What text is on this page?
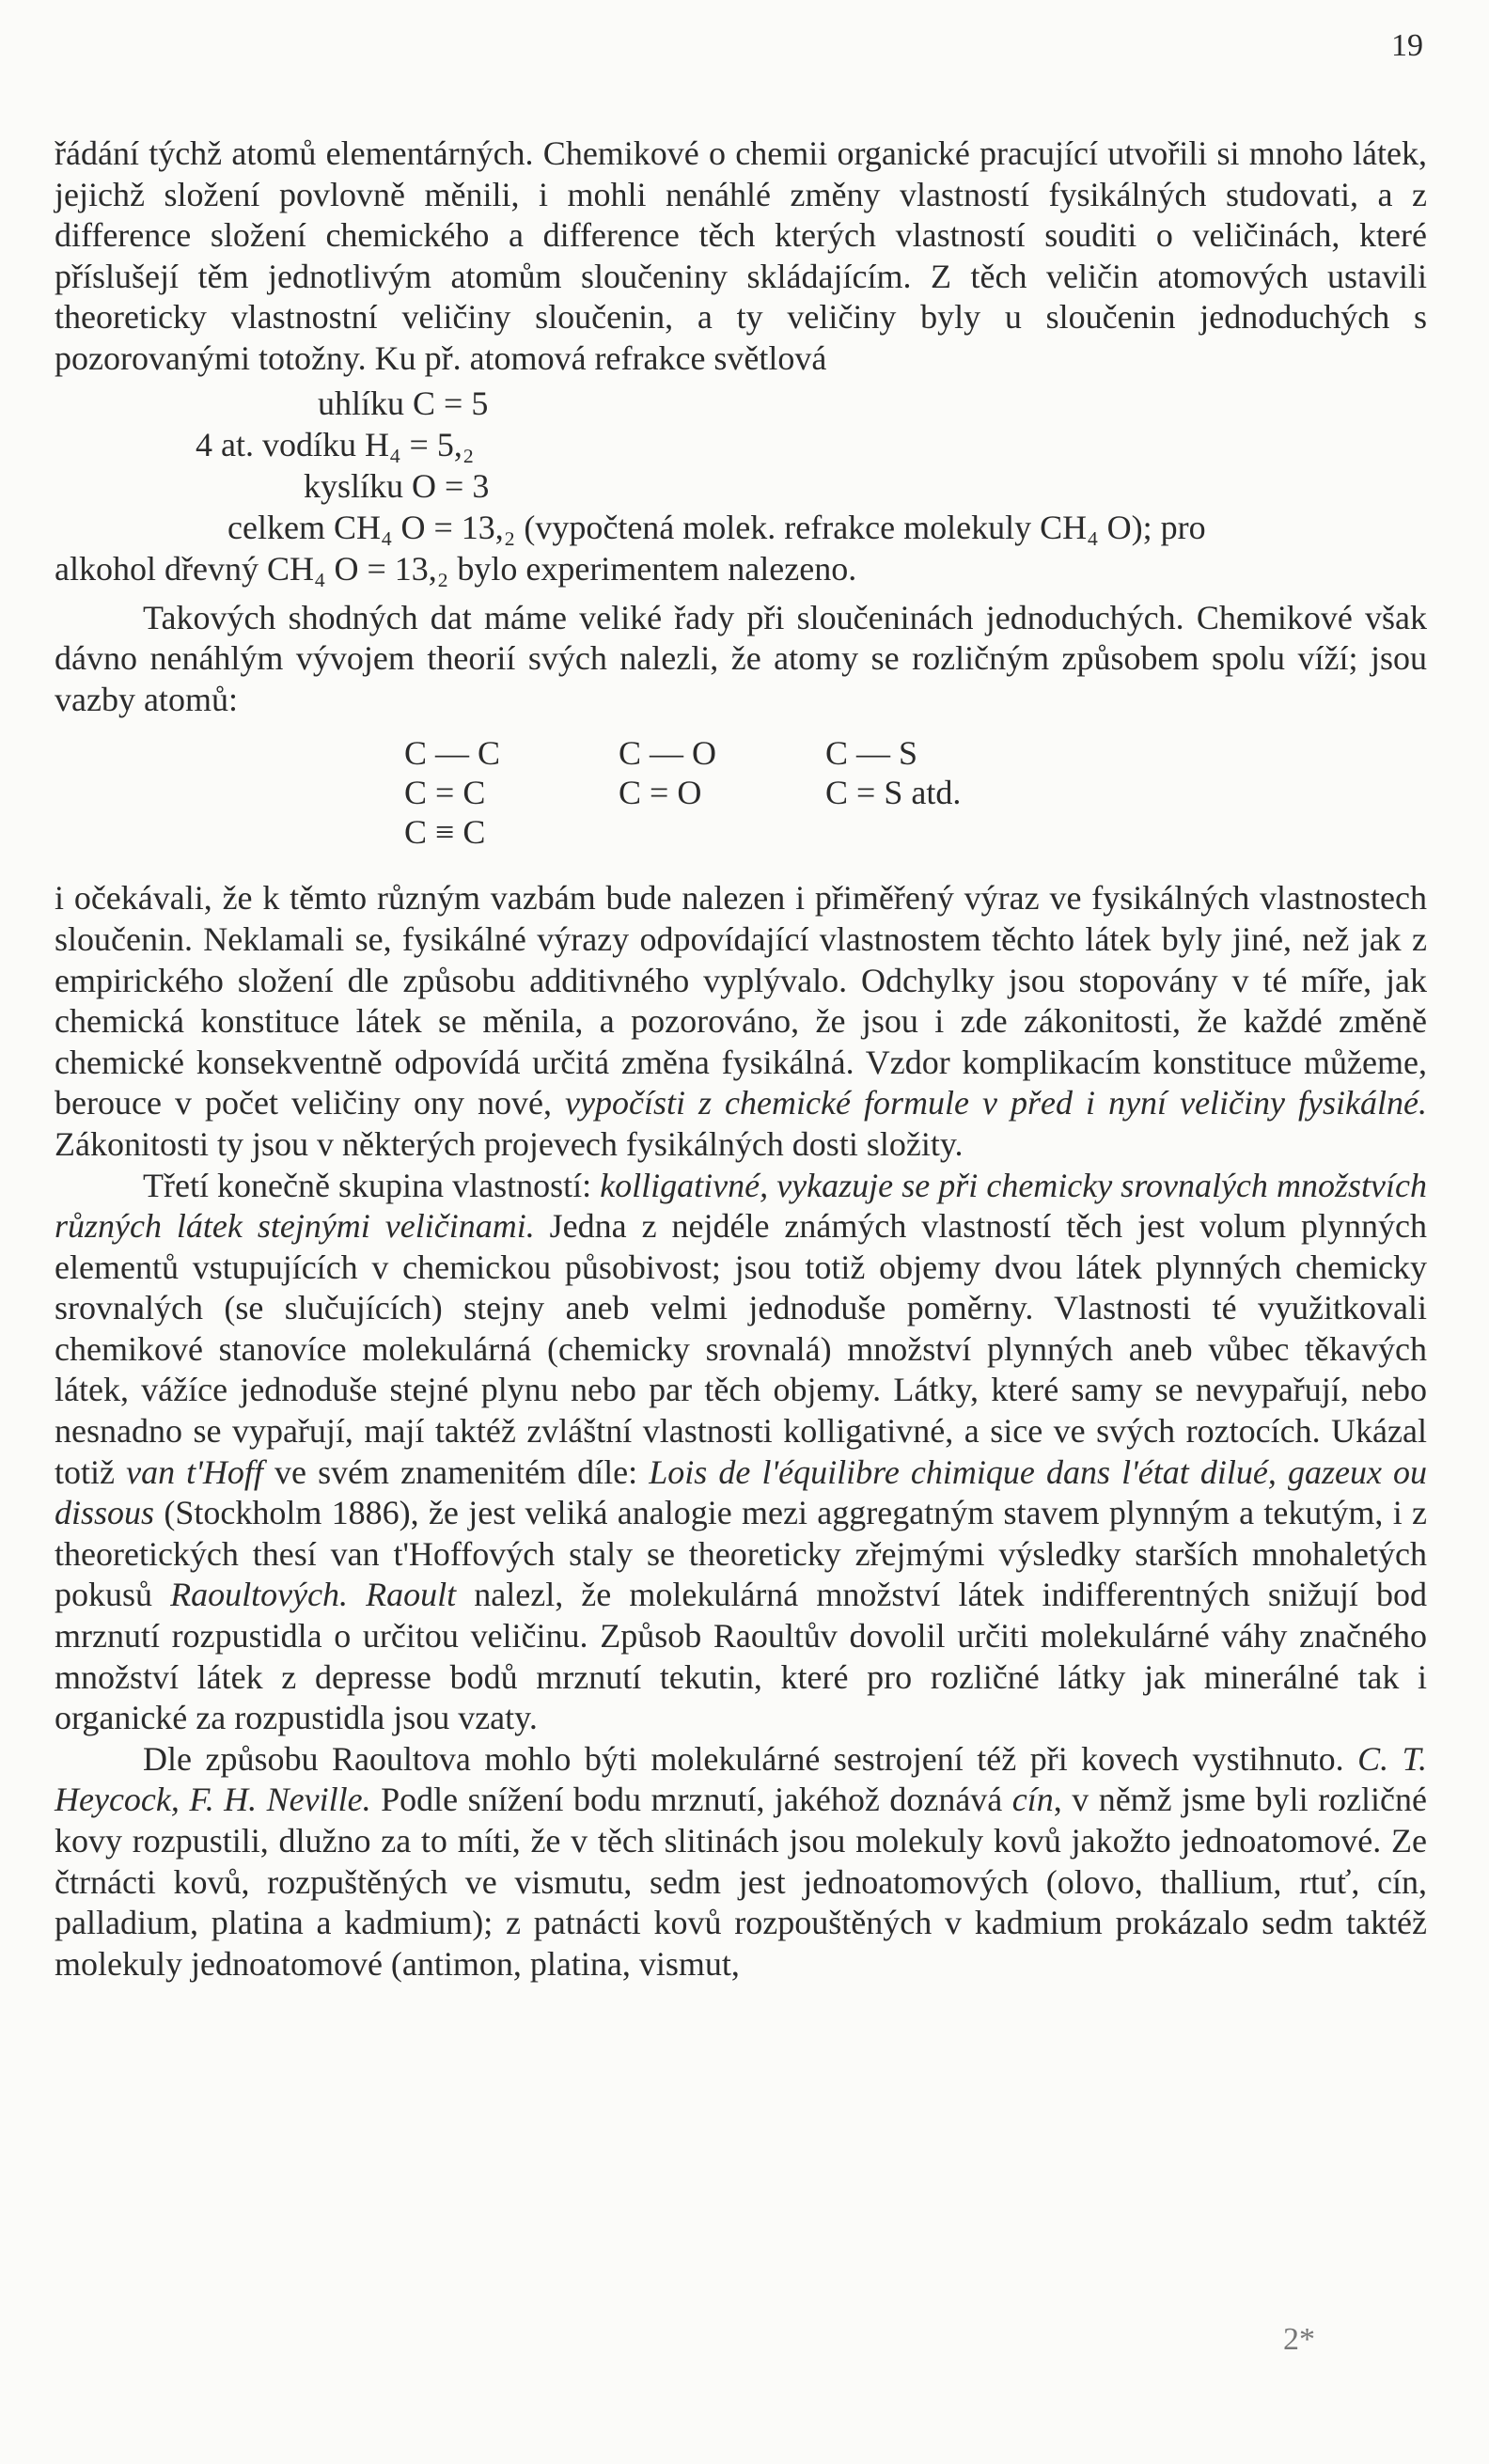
19

řádání týchž atomů elementárných. Chemikové o chemii organické pracující utvořili si mnoho látek, jejichž složení povlovně měnili, i mohli nenáhlé změny vlastností fysikálných studovati, a z difference složení chemického a difference těch kterých vlastností souditi o veličinách, které příslušejí těm jednotlivým atomům sloučeniny skládajícím. Z těch veličin atomových ustavili theoreticky vlastnostní veličiny sloučenin, a ty veličiny byly u sloučenin jednoduchých s pozorovanými totožny. Ku př. atomová refrakce světlová

uhlíku C = 5
4 at. vodíku H₄ = 5,₂
kyslíku O = 3
celkem CH₄ O = 13,₂ (vypočtená molek. refrakce molekuly CH₄ O); pro
alkohol dřevný CH₄ O = 13,₂ bylo experimentem nalezeno.

Takových shodných dat máme veliké řady při sloučeninách jednoduchých. Chemikové však dávno nenáhlým vývojem theorií svých nalezli, že atomy se rozličným způsobem spolu víží; jsou vazby atomů:

C — C
C = C
C ≡ C
C — O
C = O
C — S
C = S atd.

i očekávali, že k těmto různým vazbám bude nalezen i přiměřený výraz ve fysikálných vlastnostech sloučenin. Neklamali se, fysikálné výrazy odpovídající vlastnostem těchto látek byly jiné, než jak z empirického složení dle způsobu additivného vyplývalo. Odchylky jsou stopovány v té míře, jak chemická konstituce látek se měnila, a pozorováno, že jsou i zde zákonitosti, že každé změně chemické konsekventně odpovídá určitá změna fysikálná. Vzdor komplikacím konstituce můžeme, berouce v počet veličiny ony nové, vypočísti z chemické formule v před i nyní veličiny fysikálné. Zákonitosti ty jsou v některých projevech fysikálných dosti složity.

Třetí konečně skupina vlastností: kolligativné, vykazuje se při chemicky srovnalých množstvích různých látek stejnými veličinami. Jedna z nejdéle známých vlastností těch jest volum plynných elementů vstupujících v chemickou působivost; jsou totiž objemy dvou látek plynných chemicky srovnalých (se slučujících) stejny aneb velmi jednoduše poměrny. Vlastnosti té využitkovali chemikové stanovíce molekulárná (chemicky srovnalá) množství plynných aneb vůbec těkavých látek, vážíce jednoduše stejné plynu nebo par těch objemy. Látky, které samy se nevypařují, nebo nesnadno se vypařují, mají taktéž zvláštní vlastnosti kolligativné, a sice ve svých roztocích. Ukázal totiž van t'Hoff ve svém znamenitém díle: Lois de l'équilibre chimique dans l'état dilué, gazeux ou dissous (Stockholm 1886), že jest veliká analogie mezi aggregatným stavem plynným a tekutým, i z theoretických thesí van t'Hoffových staly se theoreticky zřejmými výsledky starších mnohaletých pokusů Raoultových. Raoult nalezl, že molekulárná množství látek indifferentných snižují bod mrznutí rozpustidla o určitou veličinu. Způsob Raoultův dovolil určiti molekulárné váhy značného množství látek z depresse bodů mrznutí tekutin, které pro rozličné látky jak minerálné tak i organické za rozpustidla jsou vzaty.

Dle způsobu Raoultova mohlo býti molekulárné sestrojení též při kovech vystihnuto. C. T. Heycock, F. H. Neville. Podle snížení bodu mrznutí, jakéhož doznává cín, v němž jsme byli rozličné kovy rozpustili, dlužno za to míti, že v těch slitinách jsou molekuly kovů jakožto jednoatomové. Ze čtrnácti kovů, rozpuštěných ve vismutu, sedm jest jednoatomových (olovo, thallium, rtuť, cín, palladium, platina a kadmium); z patnácti kovů rozpouštěných v kadmium prokázalo sedm taktéž molekuly jednoatomové (antimon, platina, vismut,

2*
